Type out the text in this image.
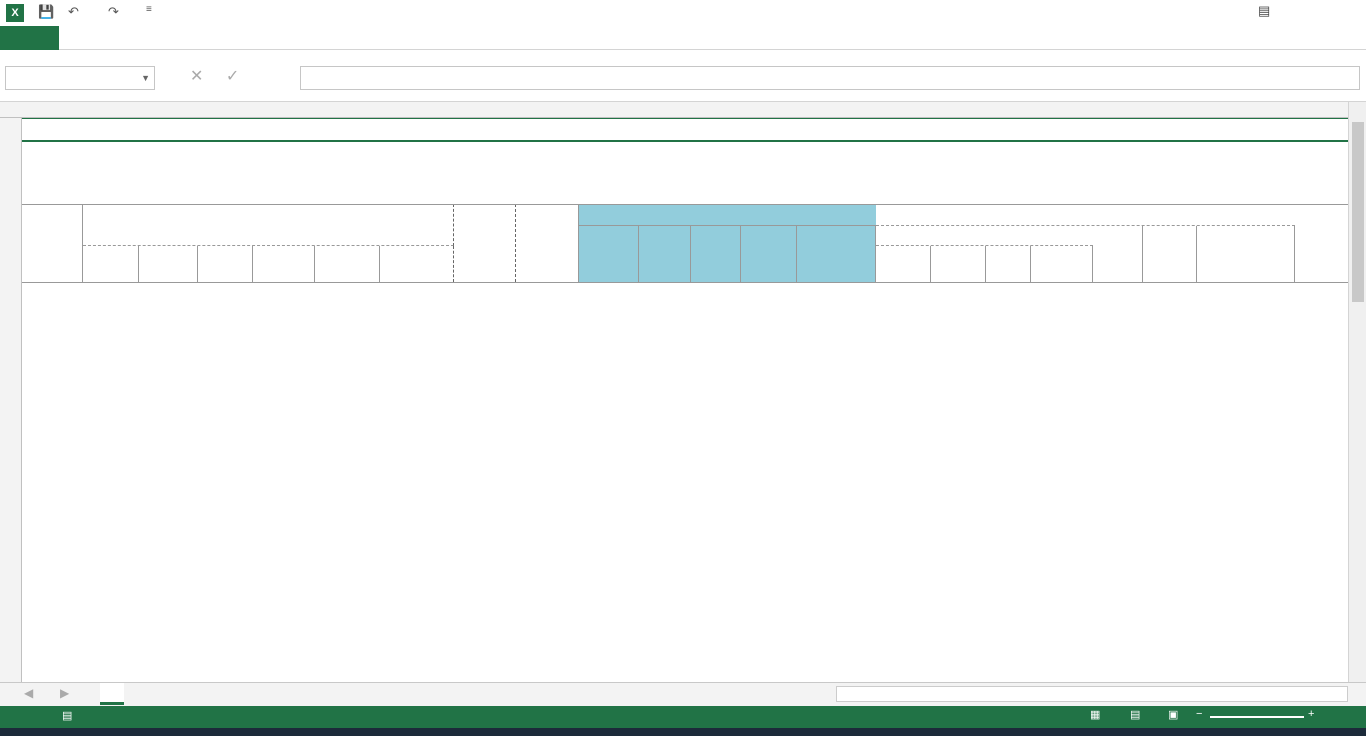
X	💾 ↶ ↷	≡	▤
▼	✕ ✓
◀ ▶
▤	▦	▤	▣ −	+
